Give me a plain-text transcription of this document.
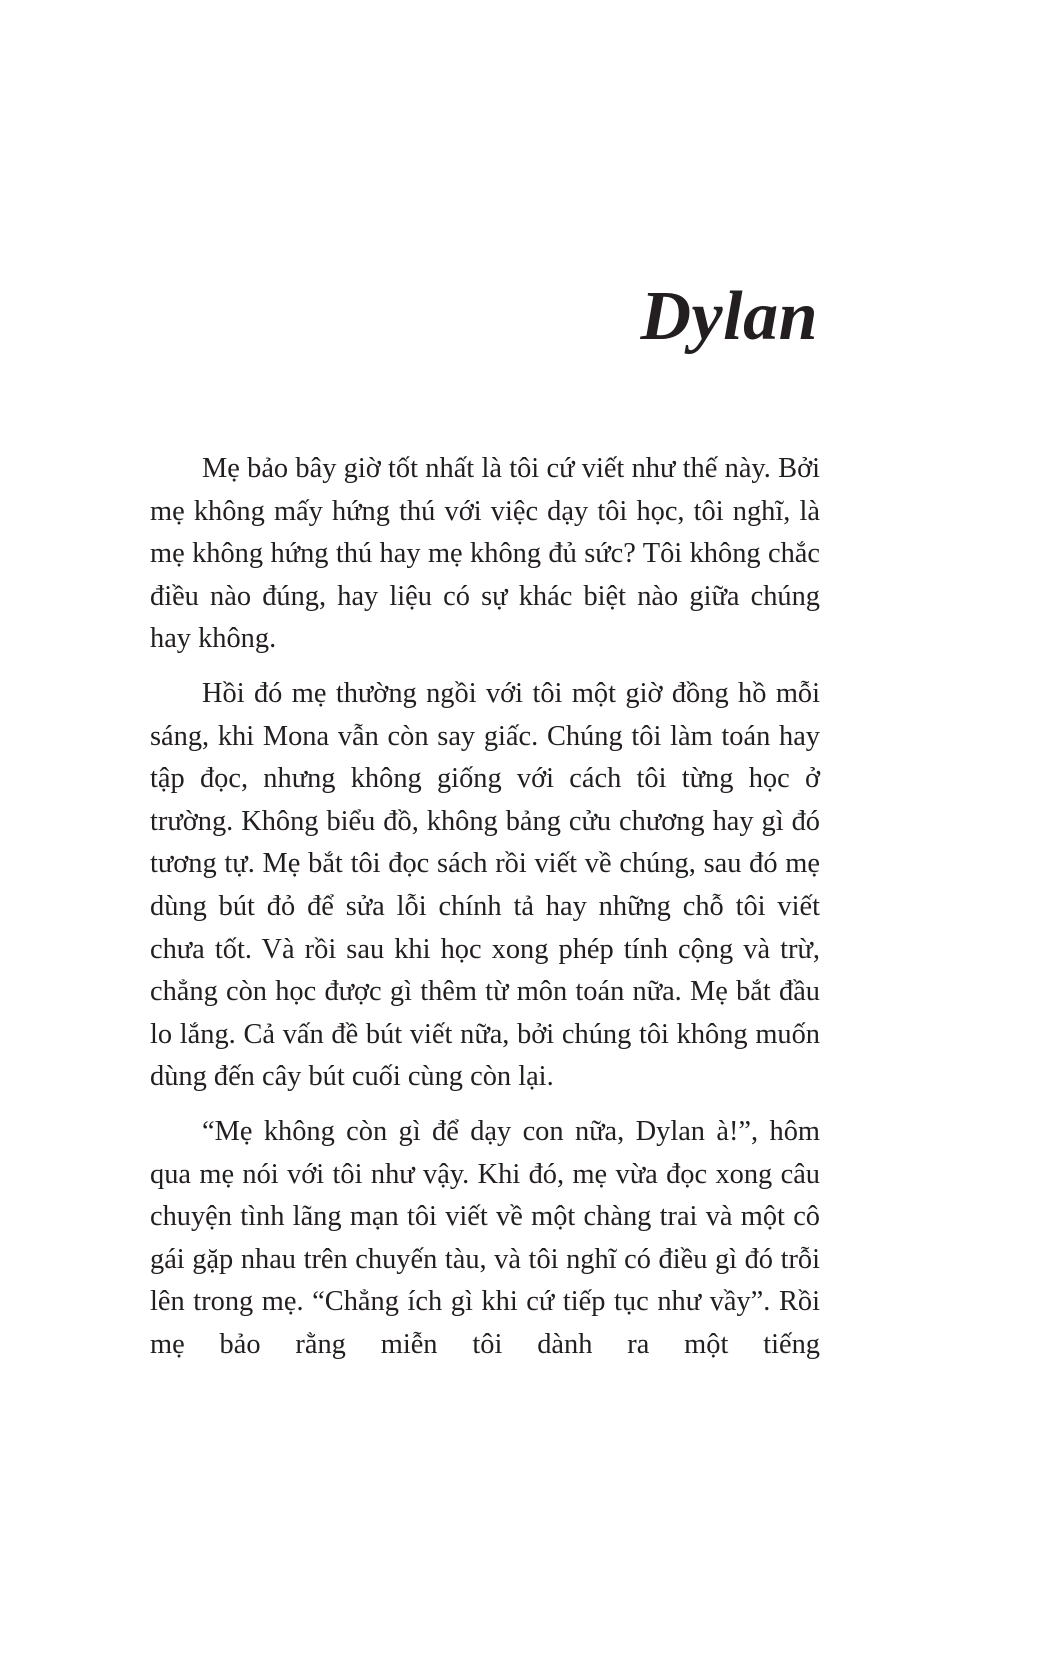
Dylan

Mẹ bảo bây giờ tốt nhất là tôi cứ viết như thế này. Bởi mẹ không mấy hứng thú với việc dạy tôi học, tôi nghĩ, là mẹ không hứng thú hay mẹ không đủ sức? Tôi không chắc điều nào đúng, hay liệu có sự khác biệt nào giữa chúng hay không.

Hồi đó mẹ thường ngồi với tôi một giờ đồng hồ mỗi sáng, khi Mona vẫn còn say giấc. Chúng tôi làm toán hay tập đọc, nhưng không giống với cách tôi từng học ở trường. Không biểu đồ, không bảng cửu chương hay gì đó tương tự. Mẹ bắt tôi đọc sách rồi viết về chúng, sau đó mẹ dùng bút đỏ để sửa lỗi chính tả hay những chỗ tôi viết chưa tốt. Và rồi sau khi học xong phép tính cộng và trừ, chẳng còn học được gì thêm từ môn toán nữa. Mẹ bắt đầu lo lắng. Cả vấn đề bút viết nữa, bởi chúng tôi không muốn dùng đến cây bút cuối cùng còn lại.

“Mẹ không còn gì để dạy con nữa, Dylan à!”, hôm qua mẹ nói với tôi như vậy. Khi đó, mẹ vừa đọc xong câu chuyện tình lãng mạn tôi viết về một chàng trai và một cô gái gặp nhau trên chuyến tàu, và tôi nghĩ có điều gì đó trỗi lên trong mẹ. “Chẳng ích gì khi cứ tiếp tục như vầy”. Rồi mẹ bảo rằng miễn tôi dành ra một tiếng
